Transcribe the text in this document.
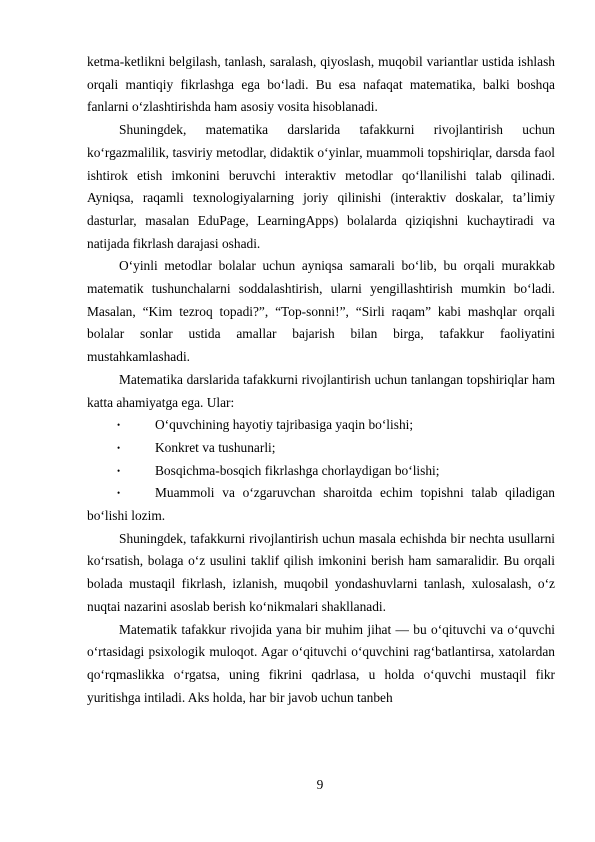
ketma-ketlikni belgilash, tanlash, saralash, qiyoslash, muqobil variantlar ustida ishlash orqali mantiqiy fikrlashga ega bo‘ladi. Bu esa nafaqat matematika, balki boshqa fanlarni o‘zlashtirishda ham asosiy vosita hisoblanadi.

Shuningdek, matematika darslarida tafakkurni rivojlantirish uchun ko‘rgazmalilik, tasviriy metodlar, didaktik o‘yinlar, muammoli topshiriqlar, darsda faol ishtirok etish imkonini beruvchi interaktiv metodlar qo‘llanilishi talab qilinadi. Ayniqsa, raqamli texnologiyalarning joriy qilinishi (interaktiv doskalar, ta’limiy dasturlar, masalan EduPage, LearningApps) bolalarda qiziqishni kuchaytiradi va natijada fikrlash darajasi oshadi.

O‘yinli metodlar bolalar uchun ayniqsa samarali bo‘lib, bu orqali murakkab matematik tushunchalarni soddalashtirish, ularni yengillashtirish mumkin bo‘ladi. Masalan, “Kim tezroq topadi?”, “Top-sonni!”, “Sirli raqam” kabi mashqlar orqali bolalar sonlar ustida amallar bajarish bilan birga, tafakkur faoliyatini mustahkamlashadi.

Matematika darslarida tafakkurni rivojlantirish uchun tanlangan topshiriqlar ham katta ahamiyatga ega. Ular:

•	O‘quvchining hayotiy tajribasiga yaqin bo‘lishi;
•	Konkret va tushunarli;
•	Bosqichma-bosqich fikrlashga chorlaydigan bo‘lishi;
•	Muammoli va o‘zgaruvchan sharoitda echim topishni talab qiladigan bo‘lishi lozim.

Shuningdek, tafakkurni rivojlantirish uchun masala echishda bir nechta usullarni ko‘rsatish, bolaga o‘z usulini taklif qilish imkonini berish ham samaralidir. Bu orqali bolada mustaqil fikrlash, izlanish, muqobil yondashuvlarni tanlash, xulosalash, o‘z nuqtai nazarini asoslab berish ko‘nikmalari shakllanadi.

Matematik tafakkur rivojida yana bir muhim jihat — bu o‘qituvchi va o‘quvchi o‘rtasidagi psixologik muloqot. Agar o‘qituvchi o‘quvchini rag‘batlantirsa, xatolardan qo‘rqmaslikka o‘rgatsa, uning fikrini qadrlasa, u holda o‘quvchi mustaqil fikr yuritishga intiladi. Aks holda, har bir javob uchun tanbeh

9
